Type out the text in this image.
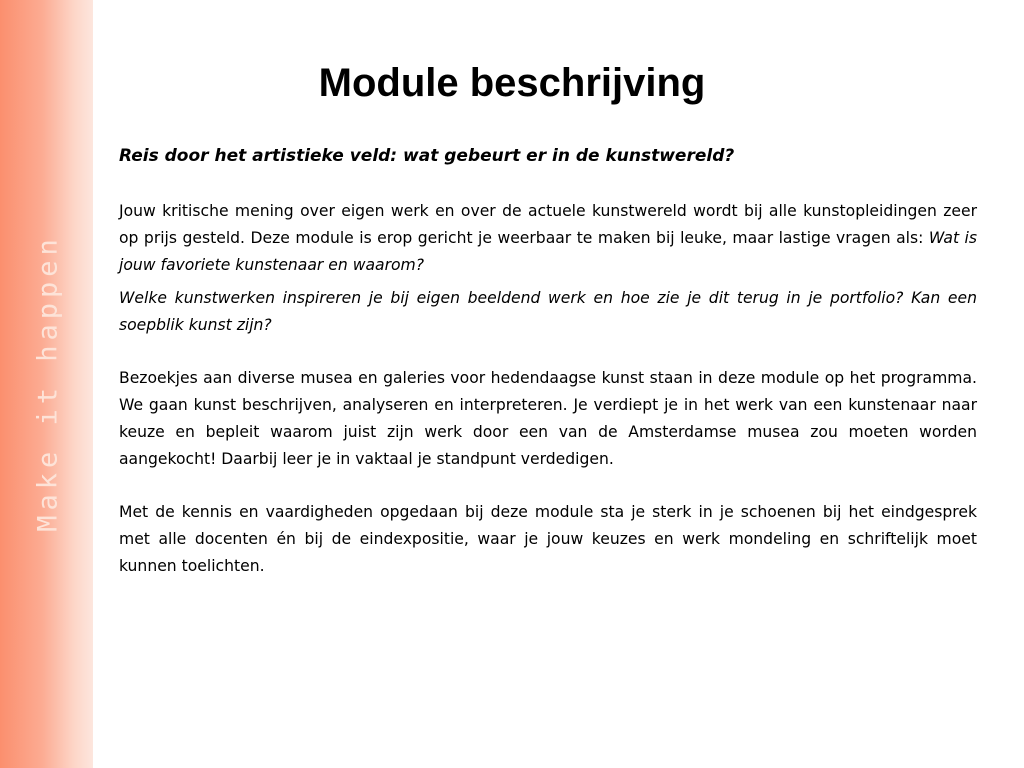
Make it happen
Module beschrijving

Reis door het artistieke veld: wat gebeurt er in de kunstwereld?

Jouw kritische mening over eigen werk en over de actuele kunstwereld wordt bij alle kunstopleidingen zeer op prijs gesteld. Deze module is erop gericht je weerbaar te maken bij leuke, maar lastige vragen als: Wat is jouw favoriete kunstenaar en waarom?

Welke kunstwerken inspireren je bij eigen beeldend werk en hoe zie je dit terug in je portfolio? Kan een soepblik kunst zijn?

Bezoekjes aan diverse musea en galeries voor hedendaagse kunst staan in deze module op het programma. We gaan kunst beschrijven, analyseren en interpreteren. Je verdiept je in het werk van een kunstenaar naar keuze en bepleit waarom juist zijn werk door een van de Amsterdamse musea zou moeten worden aangekocht! Daarbij leer je in vaktaal je standpunt verdedigen.

Met de kennis en vaardigheden opgedaan bij deze module sta je sterk in je schoenen bij het eindgesprek met alle docenten én bij de eindexpositie, waar je jouw keuzes en werk mondeling en schriftelijk moet kunnen toelichten.
